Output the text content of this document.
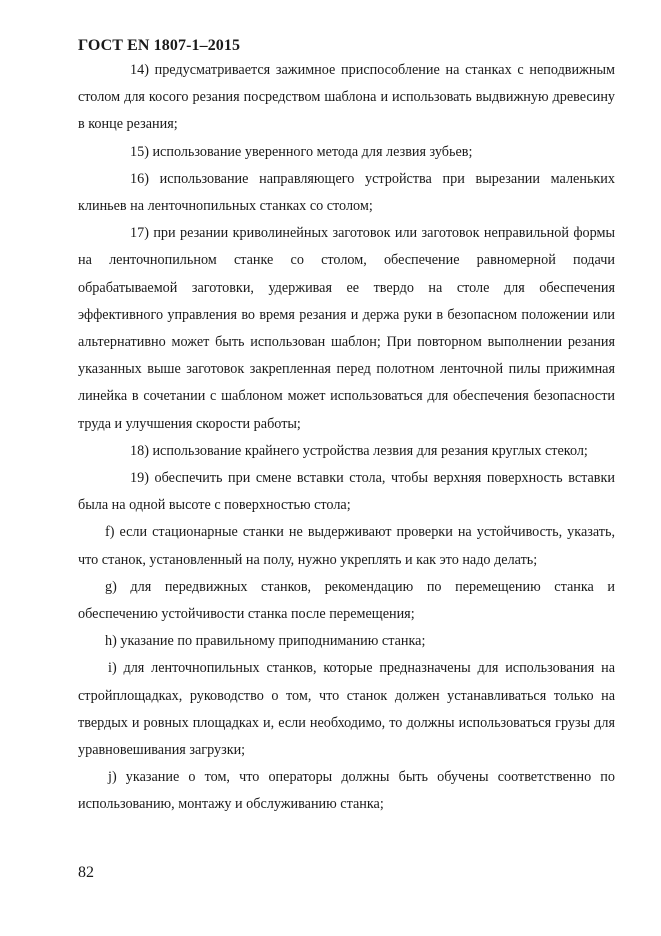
ГОСТ EN 1807-1–2015

14) предусматривается зажимное приспособление на станках с неподвижным столом для косого резания посредством шаблона и использовать выдвижную древесину в конце резания;

15) использование уверенного метода для лезвия зубьев;

16) использование направляющего устройства при вырезании маленьких клиньев на ленточнопильных станках со столом;

17) при резании криволинейных заготовок или заготовок неправильной формы на ленточнопильном станке со столом, обеспечение равномерной подачи обрабатываемой заготовки, удерживая ее твердо на столе для обеспечения эффективного управления во время резания и держа руки в безопасном положении или альтернативно может быть использован шаблон; При повторном выполнении резания указанных выше заготовок закрепленная перед полотном ленточной пилы прижимная линейка в сочетании с шаблоном может использоваться для обеспечения безопасности труда и улучшения скорости работы;

18) использование крайнего устройства лезвия для резания круглых стекол;

19) обеспечить при смене вставки стола, чтобы верхняя поверхность вставки была на одной высоте с поверхностью стола;

f) если стационарные станки не выдерживают проверки на устойчивость, указать, что станок, установленный на полу, нужно укреплять и как это надо делать;

g) для передвижных станков, рекомендацию по перемещению станка и обеспечению устойчивости станка после перемещения;

h) указание по правильному приподниманию станка;

i) для ленточнопильных станков, которые предназначены для использования на стройплощадках, руководство о том, что станок должен устанавливаться только на твердых и ровных площадках и, если необходимо, то должны использоваться грузы для уравновешивания загрузки;

j) указание о том, что операторы должны быть обучены соответственно по использованию, монтажу и обслуживанию станка;

82
